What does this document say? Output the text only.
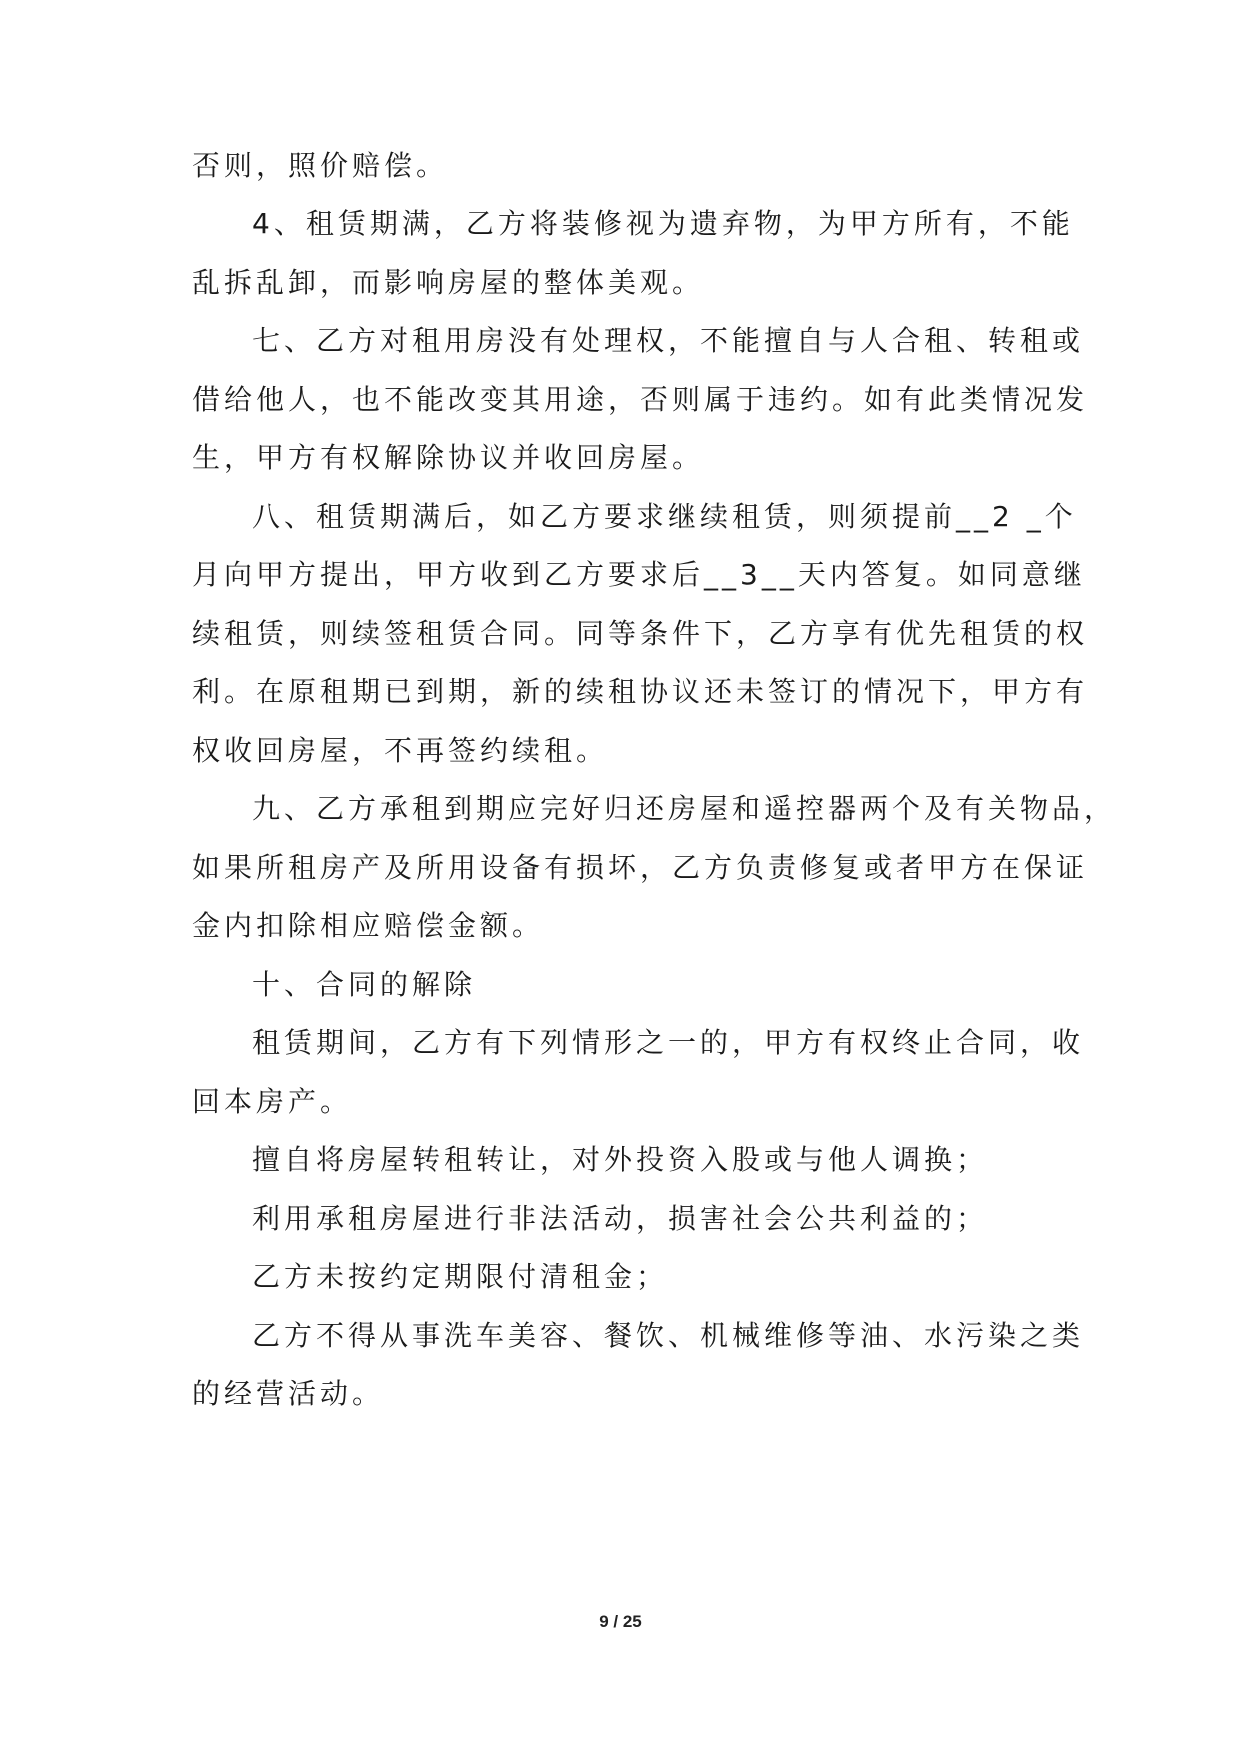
否则，照价赔偿。
4、租赁期满，乙方将装修视为遗弃物，为甲方所有，不能
乱拆乱卸，而影响房屋的整体美观。
七、乙方对租用房没有处理权，不能擅自与人合租、转租或
借给他人，也不能改变其用途，否则属于违约。如有此类情况发
生，甲方有权解除协议并收回房屋。
八、租赁期满后，如乙方要求继续租赁，则须提前__2 _个
月向甲方提出，甲方收到乙方要求后__3__天内答复。如同意继
续租赁，则续签租赁合同。同等条件下，乙方享有优先租赁的权
利。在原租期已到期，新的续租协议还未签订的情况下，甲方有
权收回房屋，不再签约续租。
九、乙方承租到期应完好归还房屋和遥控器两个及有关物品，
如果所租房产及所用设备有损坏，乙方负责修复或者甲方在保证
金内扣除相应赔偿金额。
十、合同的解除
租赁期间，乙方有下列情形之一的，甲方有权终止合同，收
回本房产。
擅自将房屋转租转让，对外投资入股或与他人调换；
利用承租房屋进行非法活动，损害社会公共利益的；
乙方未按约定期限付清租金；
乙方不得从事洗车美容、餐饮、机械维修等油、水污染之类
的经营活动。
9 / 25
